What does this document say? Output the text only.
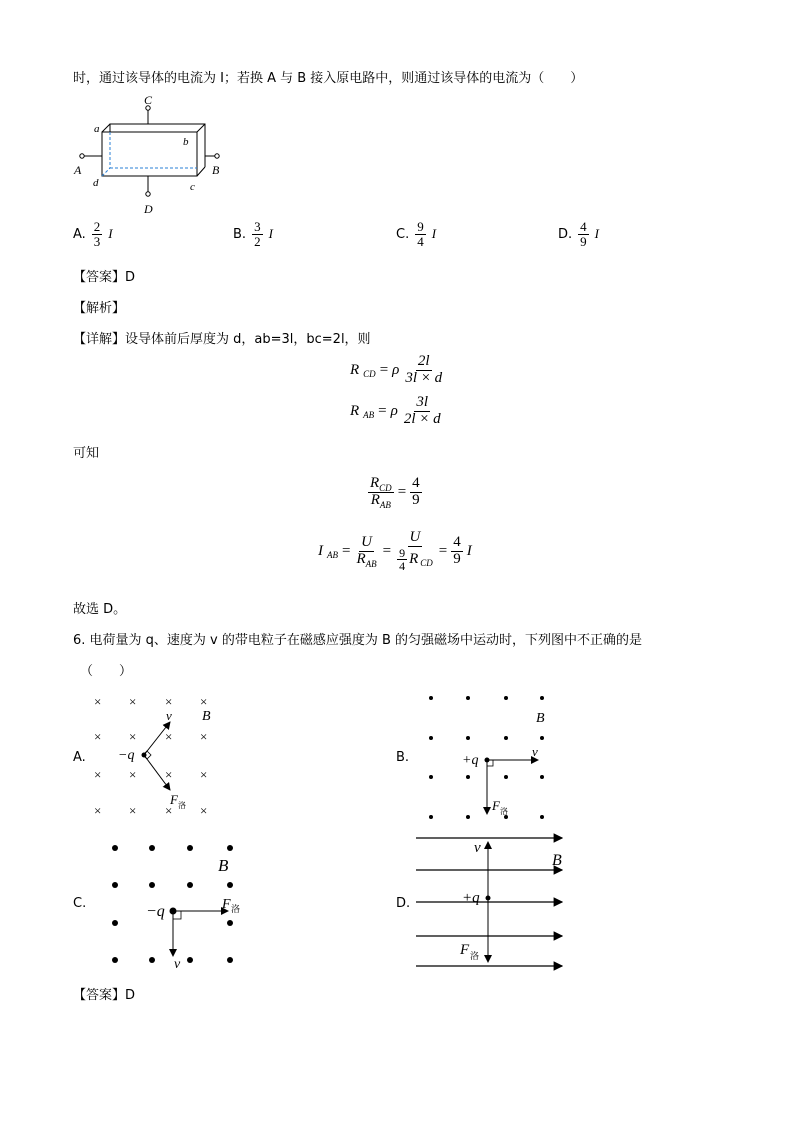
时，通过该导体的电流为 I；若换 A 与 B 接入原电路中，则通过该导体的电流为（　　）
C
a
b
A	B
d	c
D
A. $\frac{2}{3}$ I	B. $\frac{3}{2}$ I	C. $\frac{9}{4}$ I	D. $\frac{4}{9}$ I
【答案】D
【解析】
【详解】设导体前后厚度为 d，ab=3l，bc=2l，则
R CD = ρ $\frac{2l}{3l \times d}$
R AB = ρ $\frac{3l}{2l \times d}$
可知
$\frac{R_{CD}}{R_{AB}} = \frac{4}{9}$
I AB = $\frac{U}{R_{AB}} = \frac{U}{\frac{9}{4} R CD} = \frac{4}{9}$ I
故选 D。
6. 电荷量为 q、速度为 v 的带电粒子在磁感应强度为 B 的匀强磁场中运动时，下列图中不正确的是
（　　）
A.
× × × ×
× × × ×
× × × ×
× × × ×
−q
v B
F 洛
B.	+q
v
B
F 洛
C.	−q
v
B
F 洛	D.	+q
v
B
F 洛
【答案】D
